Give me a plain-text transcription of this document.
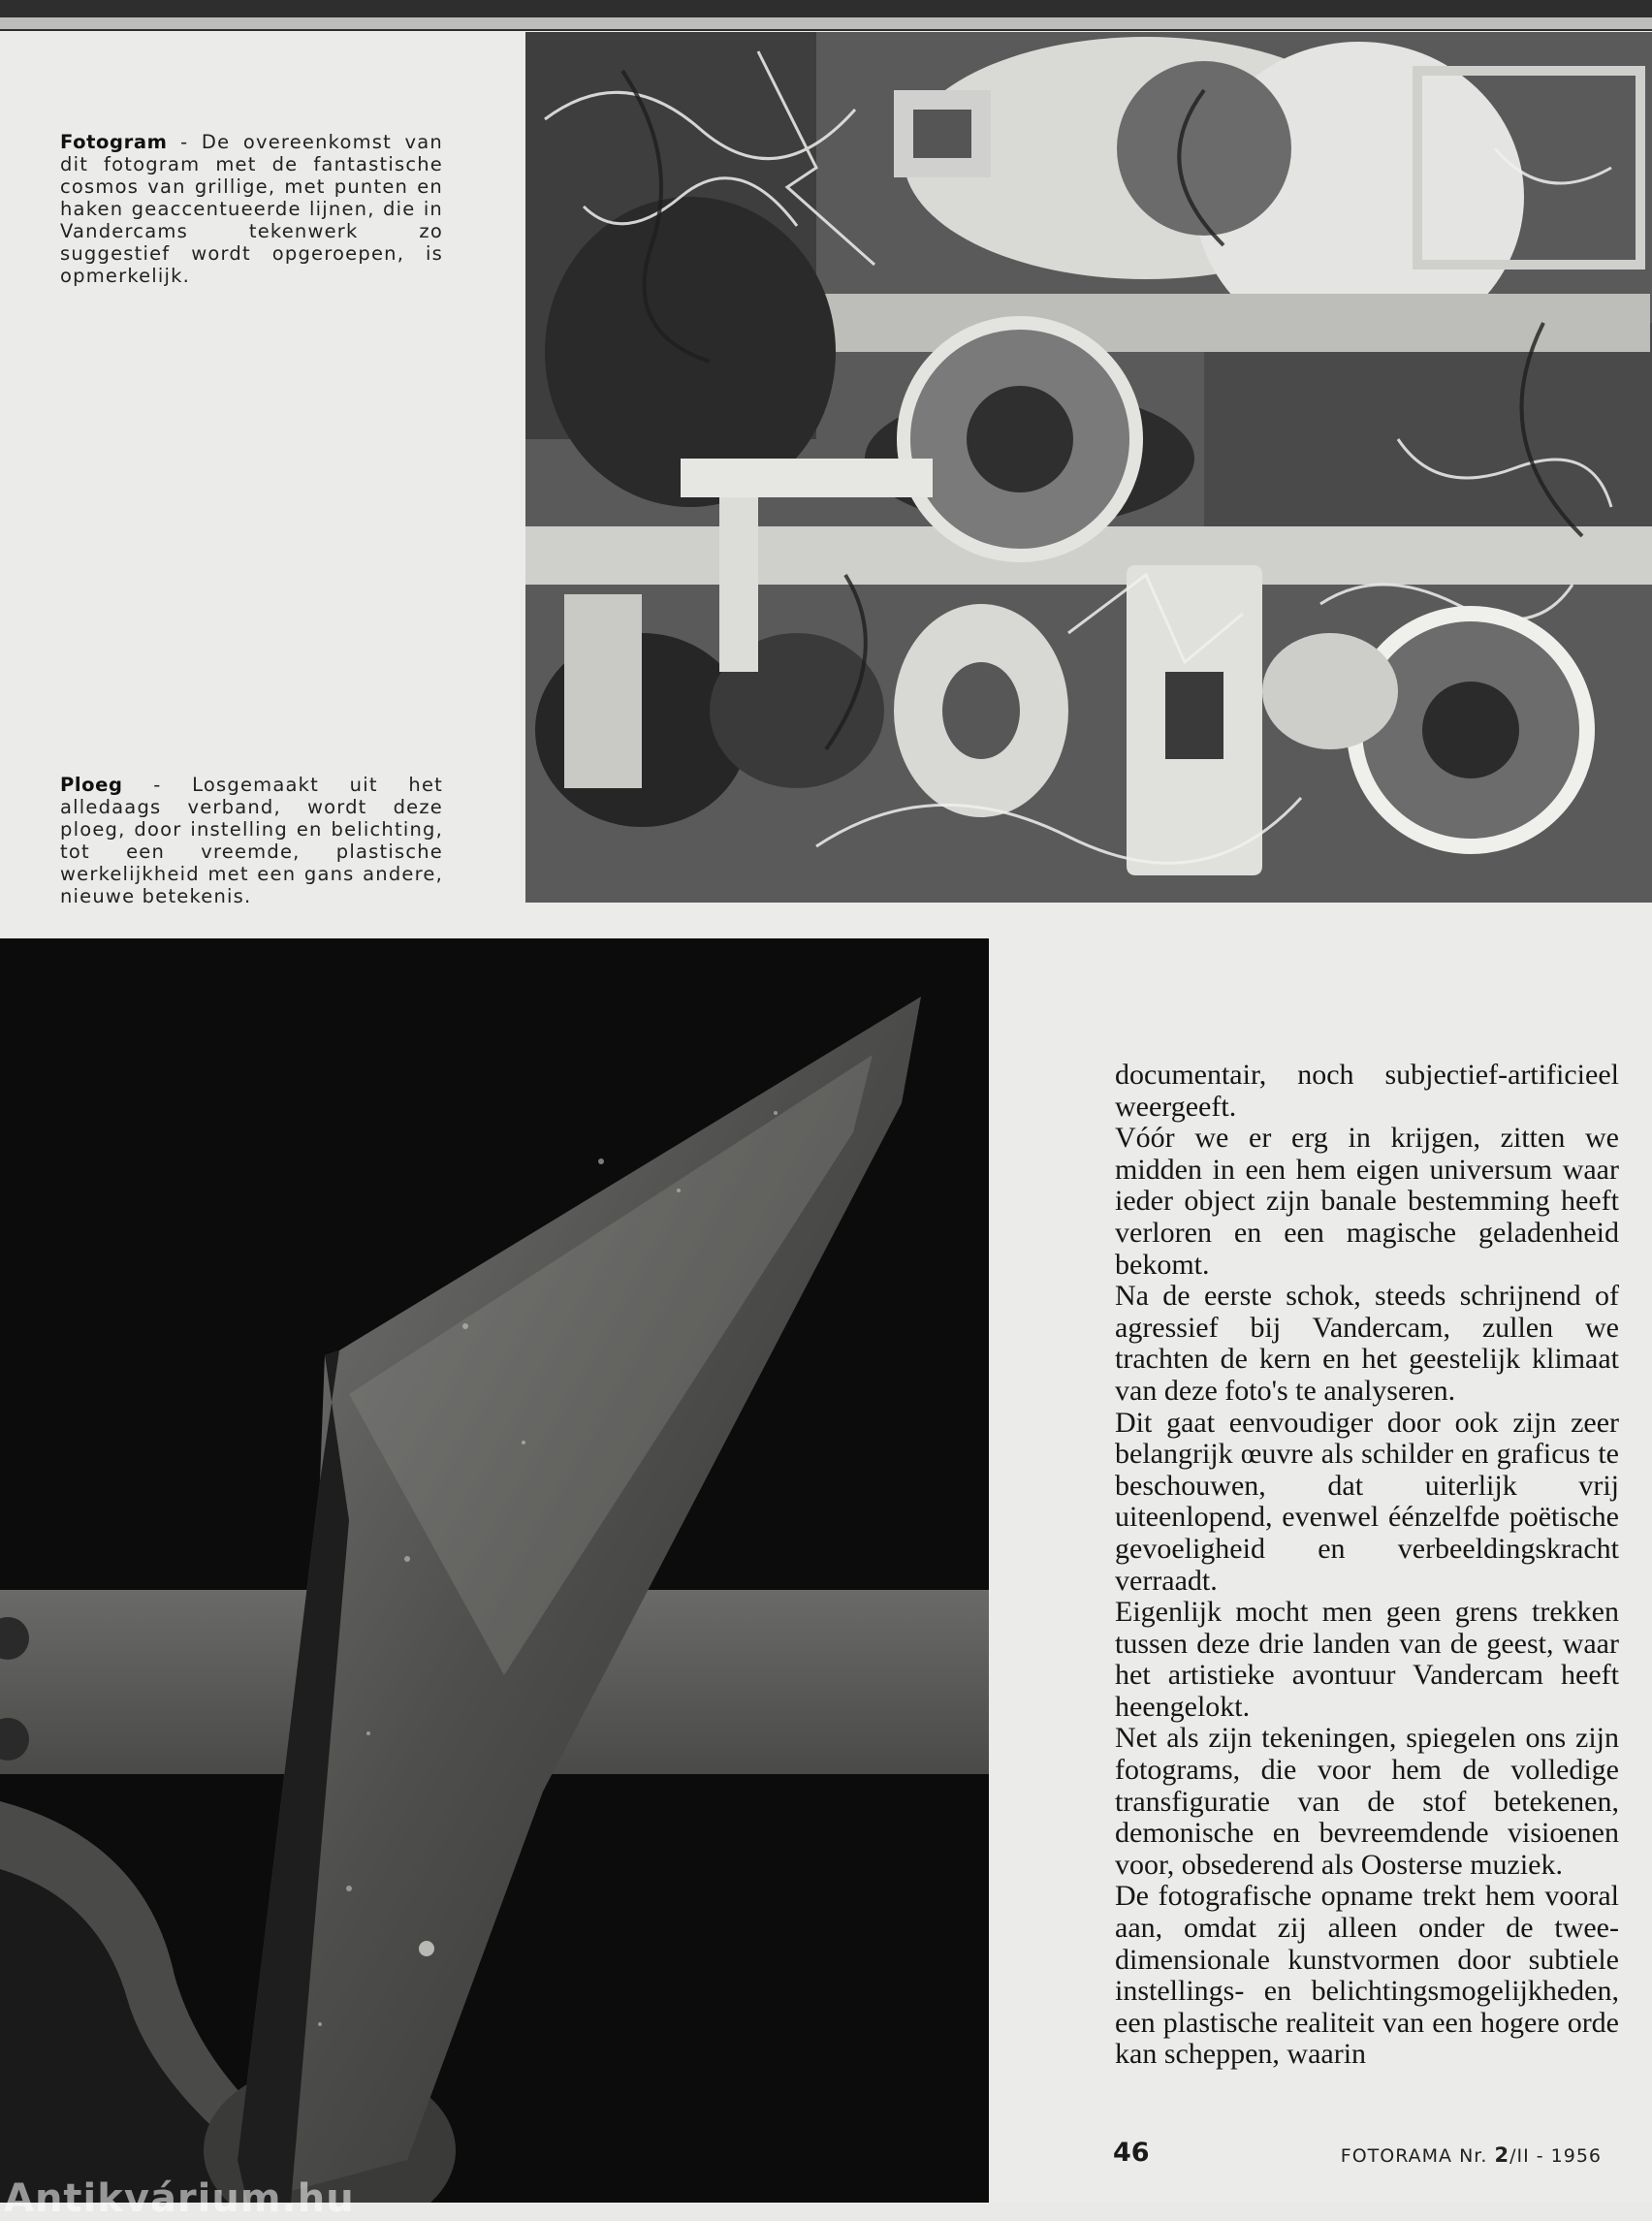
Fotogram - De overeenkomst van dit fotogram met de fantastische cosmos van grillige, met punten en haken geaccentueerde lijnen, die in Vandercams tekenwerk zo suggestief wordt opgeroepen, is opmerkelijk.
Ploeg - Losgemaakt uit het alledaags verband, wordt deze ploeg, door instelling en belichting, tot een vreemde, plastische werkelijkheid met een gans andere, nieuwe betekenis.

documentair, noch subjectief-artificieel weergeeft.

Vóór we er erg in krijgen, zitten we midden in een hem eigen universum waar ieder object zijn banale bestemming heeft verloren en een magische geladenheid bekomt.

Na de eerste schok, steeds schrijnend of agressief bij Vandercam, zullen we trachten de kern en het geestelijk klimaat van deze foto's te analyseren.

Dit gaat eenvoudiger door ook zijn zeer belangrijk œuvre als schilder en graficus te beschouwen, dat uiterlijk vrij uiteenlopend, evenwel éénzelfde poëtische gevoeligheid en verbeeldingskracht verraadt.

Eigenlijk mocht men geen grens trekken tussen deze drie landen van de geest, waar het artistieke avontuur Vandercam heeft heengelokt.

Net als zijn tekeningen, spiegelen ons zijn fotograms, die voor hem de volledige transfiguratie van de stof betekenen, demonische en bevreemdende visioenen voor, obsederend als Oosterse muziek.

De fotografische opname trekt hem vooral aan, omdat zij alleen onder de twee-dimensionale kunstvormen door subtiele instellings- en belichtingsmogelijkheden, een plastische realiteit van een hogere orde kan scheppen, waarin

46	FOTORAMA Nr. 2/II - 1956
Antikvárium.hu
